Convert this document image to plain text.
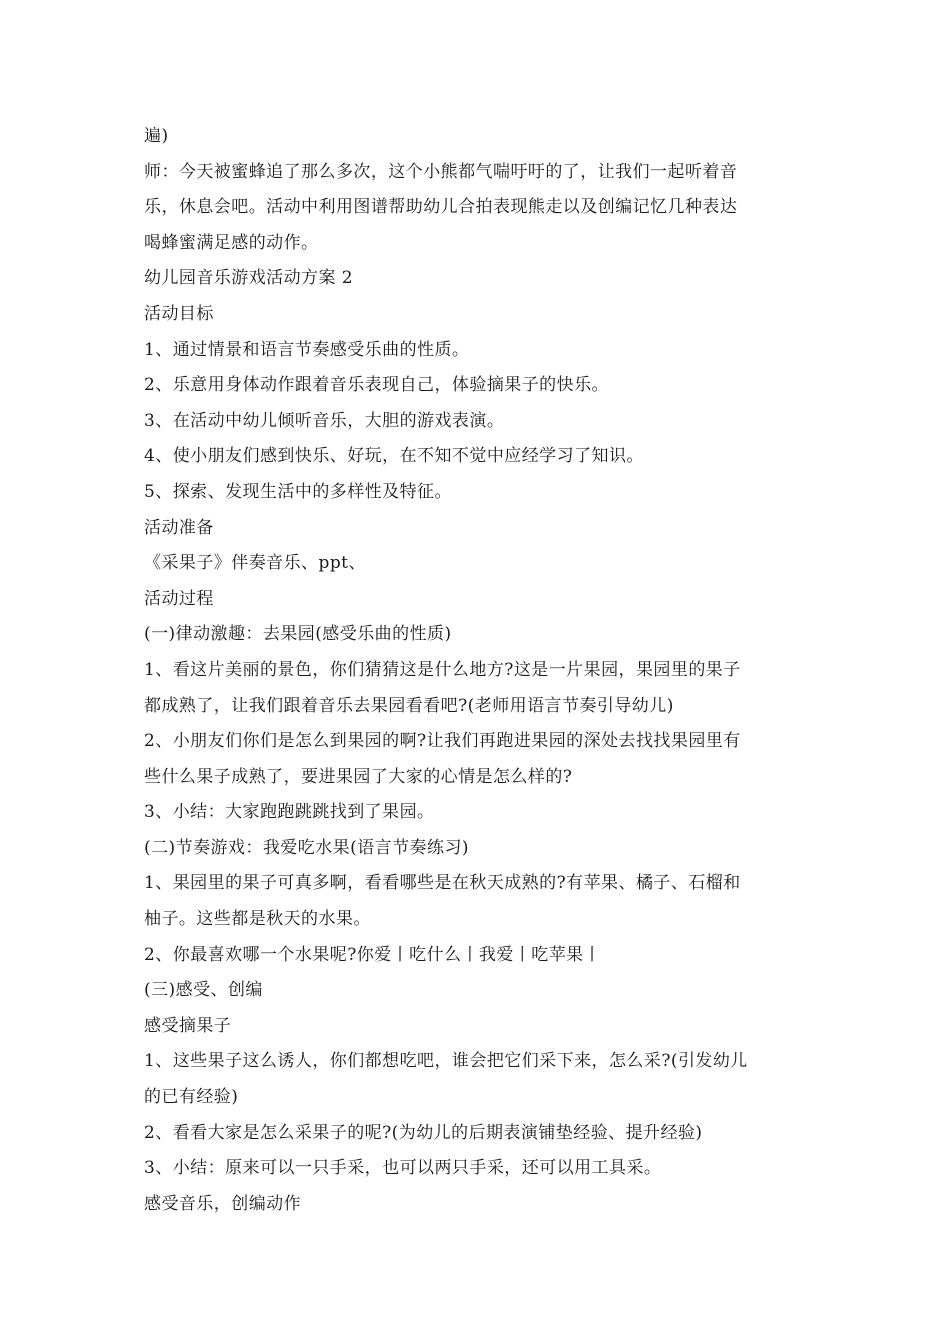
遍)
师：今天被蜜蜂追了那么多次，这个小熊都气喘吁吁的了，让我们一起听着音
乐，休息会吧。活动中利用图谱帮助幼儿合拍表现熊走以及创编记忆几种表达
喝蜂蜜满足感的动作。
幼儿园音乐游戏活动方案 2
活动目标
1、通过情景和语言节奏感受乐曲的性质。
2、乐意用身体动作跟着音乐表现自己，体验摘果子的快乐。
3、在活动中幼儿倾听音乐，大胆的游戏表演。
4、使小朋友们感到快乐、好玩，在不知不觉中应经学习了知识。
5、探索、发现生活中的多样性及特征。
活动准备
《采果子》伴奏音乐、ppt、
活动过程
(一)律动激趣：去果园(感受乐曲的性质)
1、看这片美丽的景色，你们猜猜这是什么地方?这是一片果园，果园里的果子
都成熟了，让我们跟着音乐去果园看看吧?(老师用语言节奏引导幼儿)
2、小朋友们你们是怎么到果园的啊?让我们再跑进果园的深处去找找果园里有
些什么果子成熟了，要进果园了大家的心情是怎么样的?
3、小结：大家跑跑跳跳找到了果园。
(二)节奏游戏：我爱吃水果(语言节奏练习)
1、果园里的果子可真多啊，看看哪些是在秋天成熟的?有苹果、橘子、石榴和
柚子。这些都是秋天的水果。
2、你最喜欢哪一个水果呢?你爱丨吃什么丨我爱丨吃苹果丨
(三)感受、创编
感受摘果子
1、这些果子这么诱人，你们都想吃吧，谁会把它们采下来，怎么采?(引发幼儿
的已有经验)
2、看看大家是怎么采果子的呢?(为幼儿的后期表演铺垫经验、提升经验)
3、小结：原来可以一只手采，也可以两只手采，还可以用工具采。
感受音乐，创编动作
